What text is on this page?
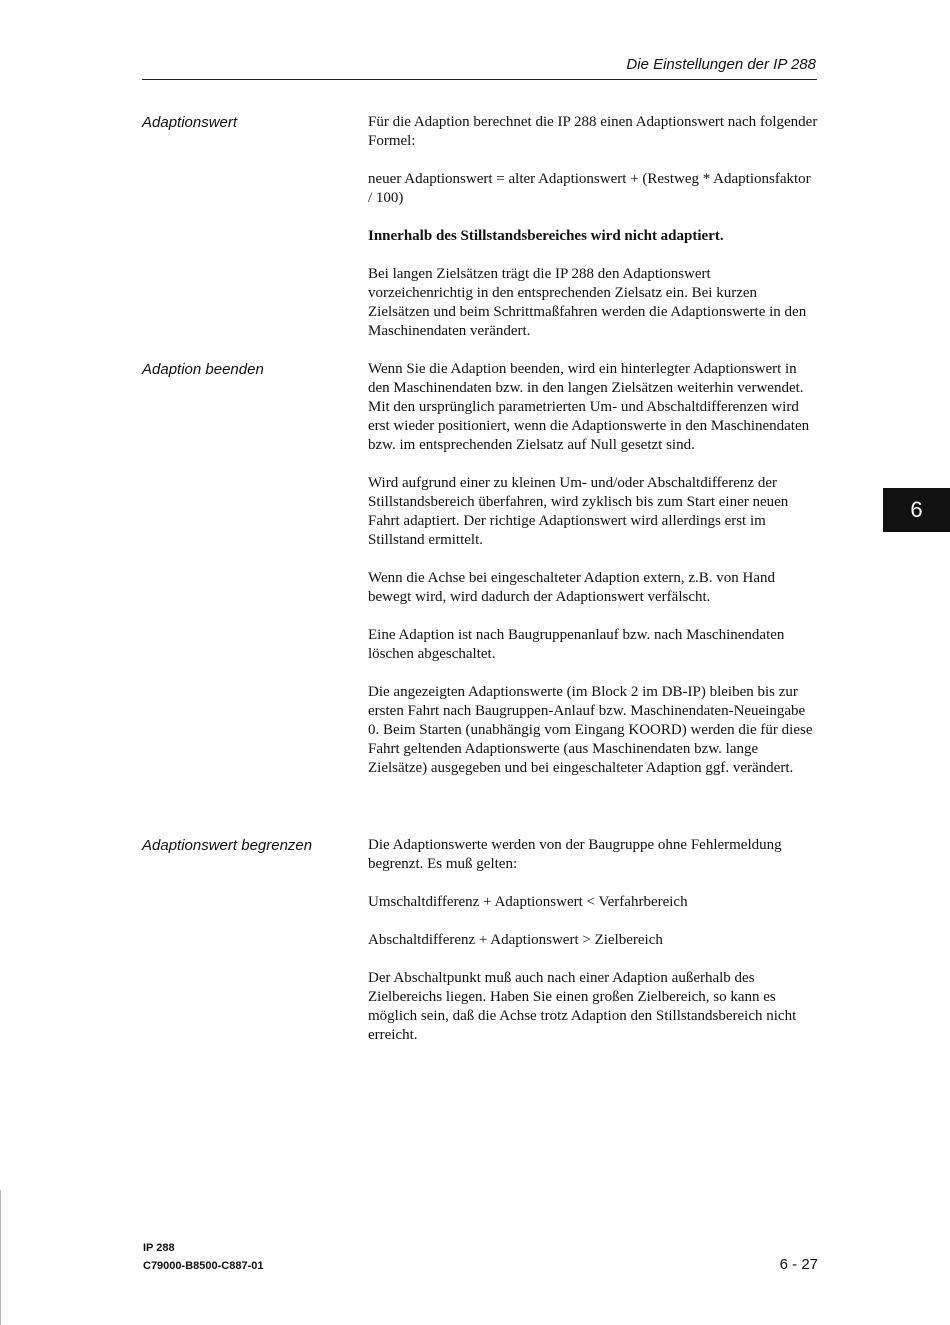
Die Einstellungen der IP 288
Adaptionswert	Für die Adaption berechnet die IP 288 einen Adaptionswert nach folgender Formel:

neuer Adaptionswert = alter Adaptionswert + (Restweg * Adaptionsfaktor / 100)

Innerhalb des Stillstandsbereiches wird nicht adaptiert.

Bei langen Zielsätzen trägt die IP 288 den Adaptionswert vorzeichenrichtig in den entsprechenden Zielsatz ein. Bei kurzen Zielsätzen und beim Schrittmaßfahren werden die Adaptionswerte in den Maschinendaten verändert.

Adaption beenden	Wenn Sie die Adaption beenden, wird ein hinterlegter Adaptionswert in den Maschinendaten bzw. in den langen Zielsätzen weiterhin verwendet. Mit den ursprünglich parametrierten Um- und Abschaltdifferenzen wird erst wieder positioniert, wenn die Adaptionswerte in den Maschinendaten bzw. im entsprechenden Zielsatz auf Null gesetzt sind.

Wird aufgrund einer zu kleinen Um- und/oder Abschaltdifferenz der Stillstandsbereich überfahren, wird zyklisch bis zum Start einer neuen Fahrt adaptiert. Der richtige Adaptionswert wird allerdings erst im Stillstand ermittelt.

Wenn die Achse bei eingeschalteter Adaption extern, z.B. von Hand bewegt wird, wird dadurch der Adaptionswert verfälscht.

Eine Adaption ist nach Baugruppenanlauf bzw. nach Maschinendaten löschen abgeschaltet.

Die angezeigten Adaptionswerte (im Block 2 im DB-IP) bleiben bis zur ersten Fahrt nach Baugruppen-Anlauf bzw. Maschinendaten-Neueingabe 0. Beim Starten (unabhängig vom Eingang KOORD) werden die für diese Fahrt geltenden Adaptionswerte (aus Maschinendaten bzw. lange Zielsätze) ausgegeben und bei eingeschalteter Adaption ggf. verändert.

Adaptionswert begrenzen	Die Adaptionswerte werden von der Baugruppe ohne Fehlermeldung begrenzt. Es muß gelten:

Umschaltdifferenz + Adaptionswert < Verfahrbereich

Abschaltdifferenz + Adaptionswert > Zielbereich

Der Abschaltpunkt muß auch nach einer Adaption außerhalb des Zielbereichs liegen. Haben Sie einen großen Zielbereich, so kann es möglich sein, daß die Achse trotz Adaption den Stillstandsbereich nicht erreicht.

6
IP 288
C79000-B8500-C887-01	6 - 27
